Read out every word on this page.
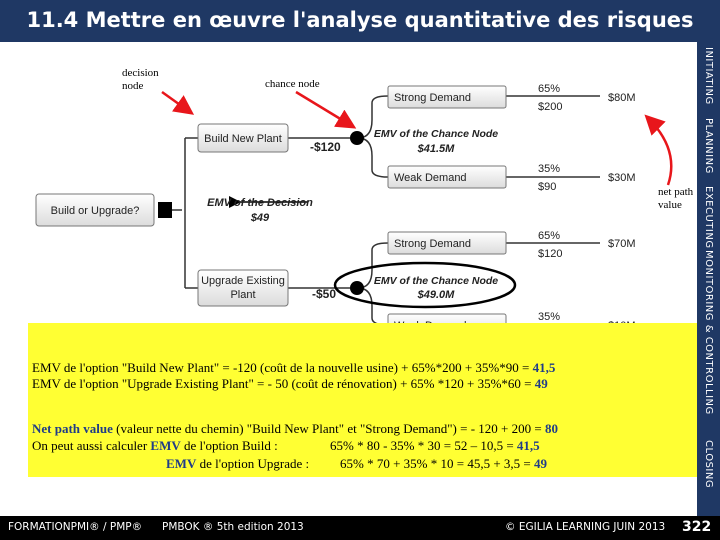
11.4 Mettre en œuvre l'analyse quantitative des risques
INITIATING
PLANNING
EXECUTING
MONITORING & CONTROLLING
CLOSING
Build or Upgrade?
Build New Plant
Upgrade Existing
Plant
-$120
-$50
EMV of the Decision
$49
EMV of the Chance Node
$41.5M
EMV of the Chance Node
$49.0M
Strong Demand
Weak Demand
Strong Demand
65%
35%
65%
35%
$200
$90
$120
$80M
$30M
$70M
decision node	chance node
net path value
EMV de l'option "Build New Plant" = -120 (coût de la nouvelle usine) + 65%*200 + 35%*90 = 41,5
EMV de l'option "Upgrade Existing Plant" = - 50 (coût de rénovation) + 65% *120 + 35%*60 = 49
Net path value (valeur nette du chemin) "Build New Plant" et "Strong Demand") = - 120 + 200 = 80
On peut aussi calculer EMV de l'option Build :	65% * 80 - 35% * 30 = 52 – 10,5 = 41,5
EMV de l'option Upgrade : 65% * 70 + 35% * 10 = 45,5 + 3,5 = 49
FORMATIONPMI® / PMP® PMBOK ® 5th edition 2013	© EGILIA LEARNING JUIN 2013 322
